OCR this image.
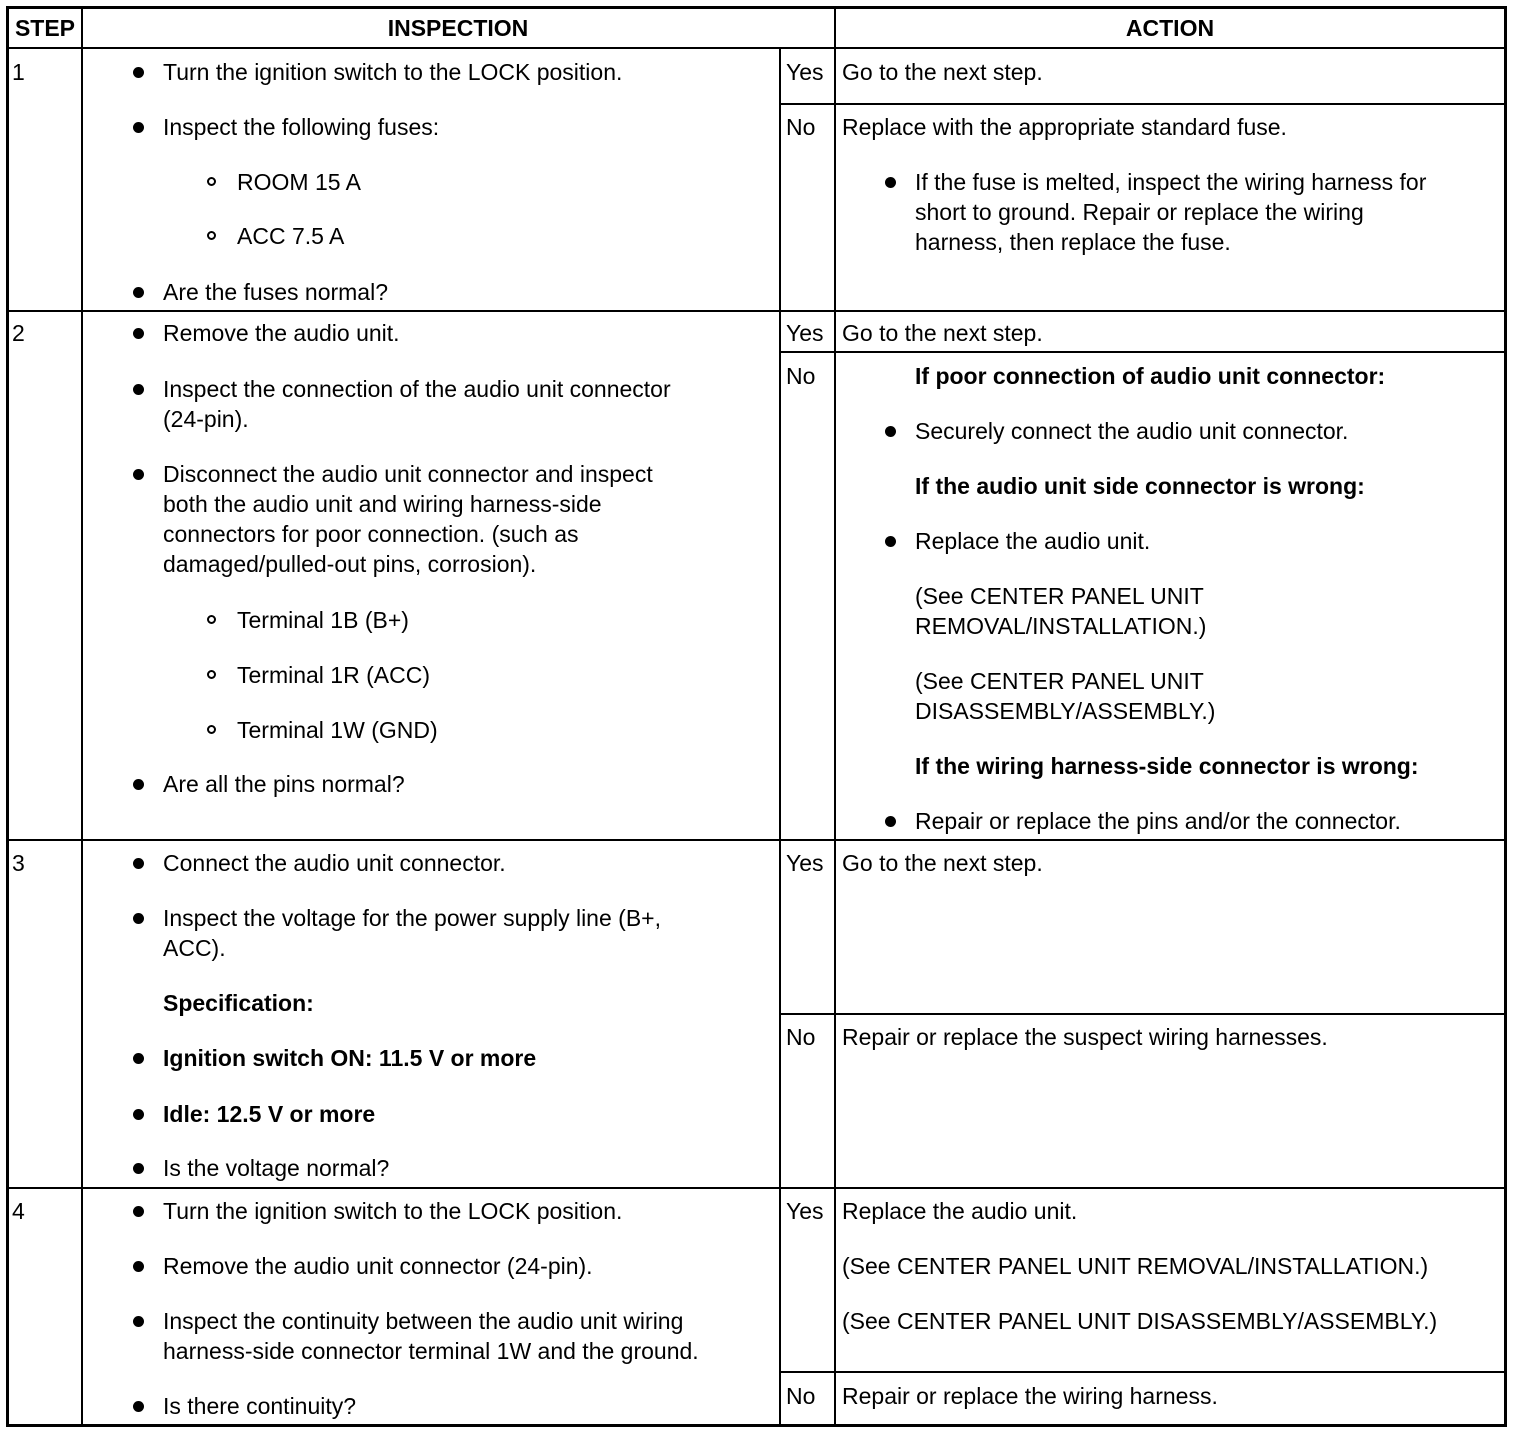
STEP	INSPECTION	ACTION
1	Turn the ignition switch to the LOCK position.
Inspect the following fuses:
ROOM 15 A
ACC 7.5 A
Are the fuses normal?
Yes Go to the next step.
No Replace with the appropriate standard fuse.
If the fuse is melted, inspect the wiring harness for
short to ground. Repair or replace the wiring
harness, then replace the fuse.
2	Remove the audio unit.
Inspect the connection of the audio unit connector
(24-pin).
Disconnect the audio unit connector and inspect
both the audio unit and wiring harness-side
connectors for poor connection. (such as
damaged/pulled-out pins, corrosion).
Terminal 1B (B+)
Terminal 1R (ACC)
Terminal 1W (GND)
Are all the pins normal?
Yes Go to the next step.
No	If poor connection of audio unit connector:
Securely connect the audio unit connector.
If the audio unit side connector is wrong:
Replace the audio unit.
(See CENTER PANEL UNIT
REMOVAL/INSTALLATION.)
(See CENTER PANEL UNIT
DISASSEMBLY/ASSEMBLY.)
If the wiring harness-side connector is wrong:
Repair or replace the pins and/or the connector.
3	Connect the audio unit connector.
Inspect the voltage for the power supply line (B+,
ACC).
Specification:
Ignition switch ON: 11.5 V or more
Idle: 12.5 V or more
Is the voltage normal?
Yes Go to the next step.
No Repair or replace the suspect wiring harnesses.
4	Turn the ignition switch to the LOCK position.
Remove the audio unit connector (24-pin).
Inspect the continuity between the audio unit wiring
harness-side connector terminal 1W and the ground.
Is there continuity?
Yes Replace the audio unit.
(See CENTER PANEL UNIT REMOVAL/INSTALLATION.)
(See CENTER PANEL UNIT DISASSEMBLY/ASSEMBLY.)
No Repair or replace the wiring harness.
